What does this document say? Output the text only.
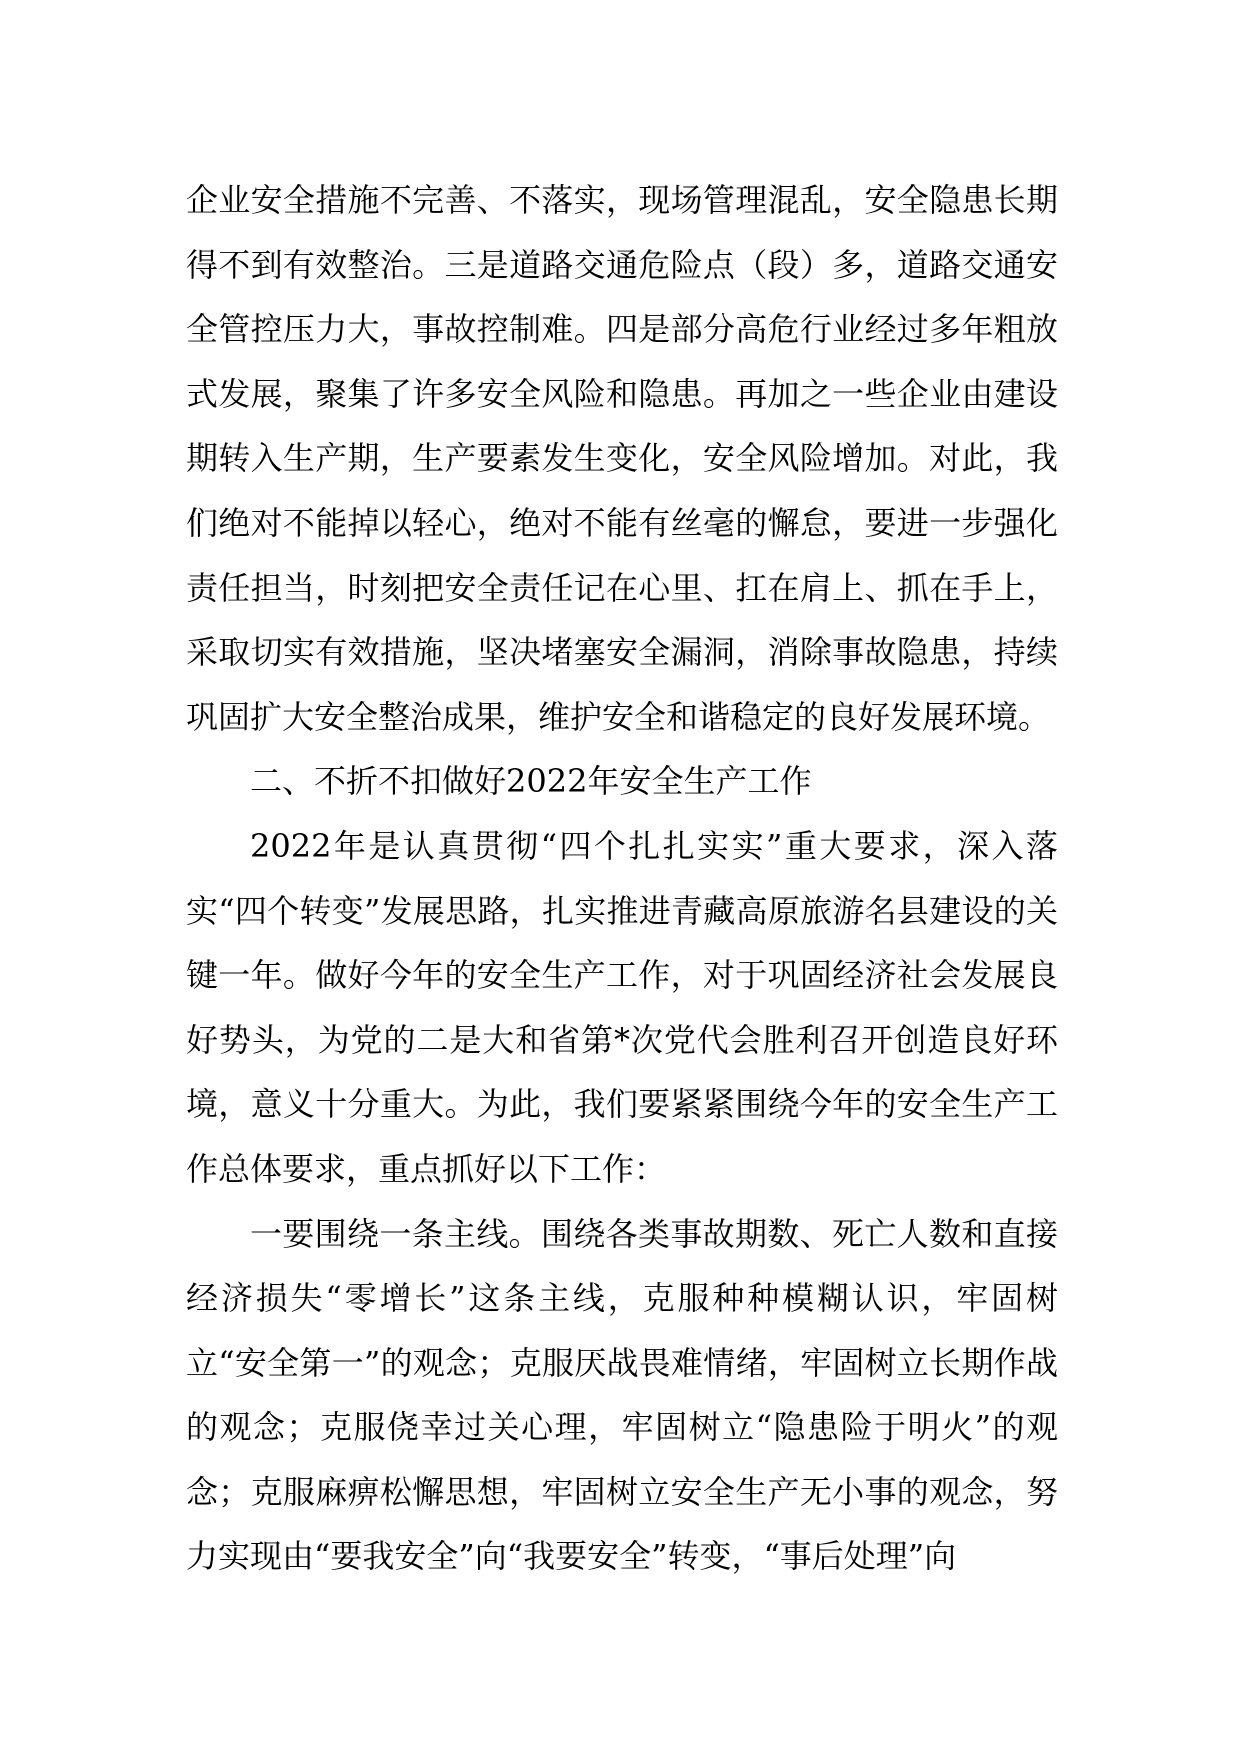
企业安全措施不完善、不落实，现场管理混乱，安全隐患长期得不到有效整治。三是道路交通危险点（段）多，道路交通安全管控压力大，事故控制难。四是部分高危行业经过多年粗放式发展，聚集了许多安全风险和隐患。再加之一些企业由建设期转入生产期，生产要素发生变化，安全风险增加。对此，我们绝对不能掉以轻心，绝对不能有丝毫的懈怠，要进一步强化责任担当，时刻把安全责任记在心里、扛在肩上、抓在手上，采取切实有效措施，坚决堵塞安全漏洞，消除事故隐患，持续巩固扩大安全整治成果，维护安全和谐稳定的良好发展环境。

二、不折不扣做好2022年安全生产工作

2022年是认真贯彻“四个扎扎实实”重大要求，深入落实“四个转变”发展思路，扎实推进青藏高原旅游名县建设的关键一年。做好今年的安全生产工作，对于巩固经济社会发展良好势头，为党的二是大和省第*次党代会胜利召开创造良好环境，意义十分重大。为此，我们要紧紧围绕今年的安全生产工作总体要求，重点抓好以下工作：

一要围绕一条主线。围绕各类事故期数、死亡人数和直接经济损失“零增长”这条主线，克服种种模糊认识，牢固树立“安全第一”的观念；克服厌战畏难情绪，牢固树立长期作战的观念；克服侥幸过关心理，牢固树立“隐患险于明火”的观念；克服麻痹松懈思想，牢固树立安全生产无小事的观念，努力实现由“要我安全”向“我要安全”转变，“事后处理”向
